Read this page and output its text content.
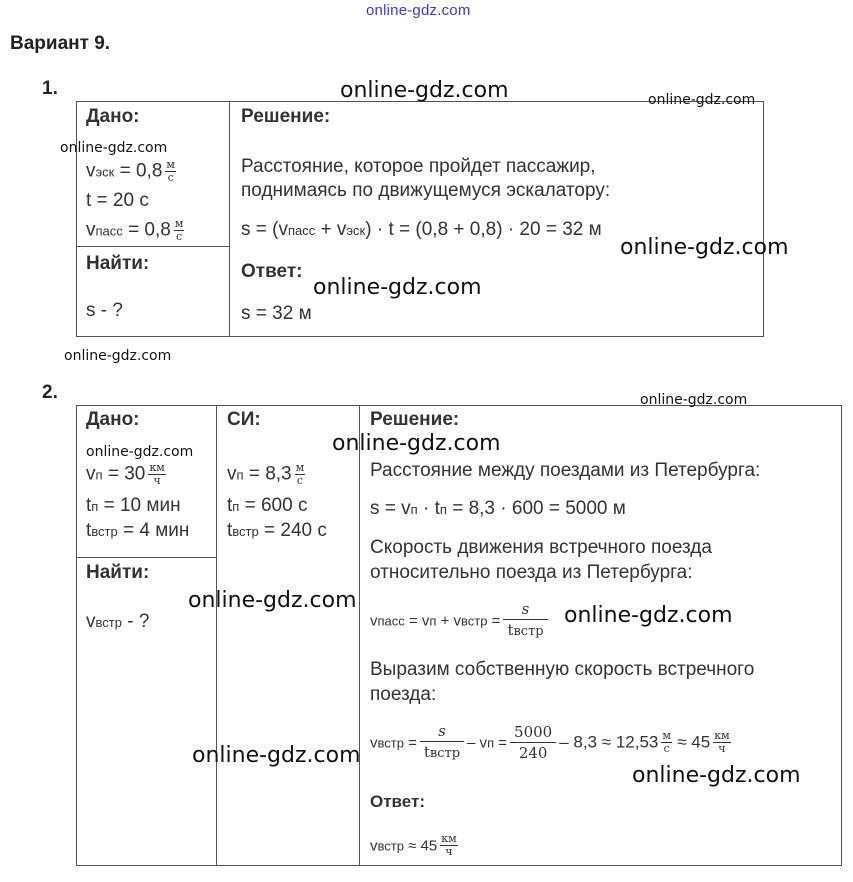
online-gdz.com
Вариант 9.
1.
Дано:
vэск = $0,8 \frac{м}{с}$
t = 20 с
vпасс = $0,8 \frac{м}{с}$
Найти:
s - ?
Решение:
Расстояние, которое пройдет пассажир,
поднимаясь по движущемуся эскалатору:
s = (vпасс + vэск) · t = (0,8 + 0,8) · 20 = 32 м
Ответ:
s = 32 м
2.
Дано:
vп = $30 \frac{км}{ч}$
tп = 10 мин
tвстр = 4 мин
Найти:
vвстр - ?
СИ:
vп = $8,3 \frac{м}{с}$
tп = 600 с
tвстр = 240 с
Решение:
Расстояние между поездами из Петербурга:
s = vп · tп = 8,3 · 600 = 5000 м
Скорость движения встречного поезда
относительно поезда из Петербурга:
vпасс = vп + vвстр =
s
tвстр
Выразим собственную скорость встречного
поезда:
vвстр =
s
tвстр
– vп = $\frac{5000}{240} - 8,3 \approx 12,53 \frac{м}{с} \approx 45 \frac{км}{ч}$
Ответ:
vвстр ≈ $45 \frac{км}{ч}$
online-gdz.com	online-gdz.com
online-gdz.com
online-gdz.com
online-gdz.com
online-gdz.com
online-gdz.com
online-gdz.com	online-gdz.com
online-gdz.com
online-gdz.com
online-gdz.com
online-gdz.com
